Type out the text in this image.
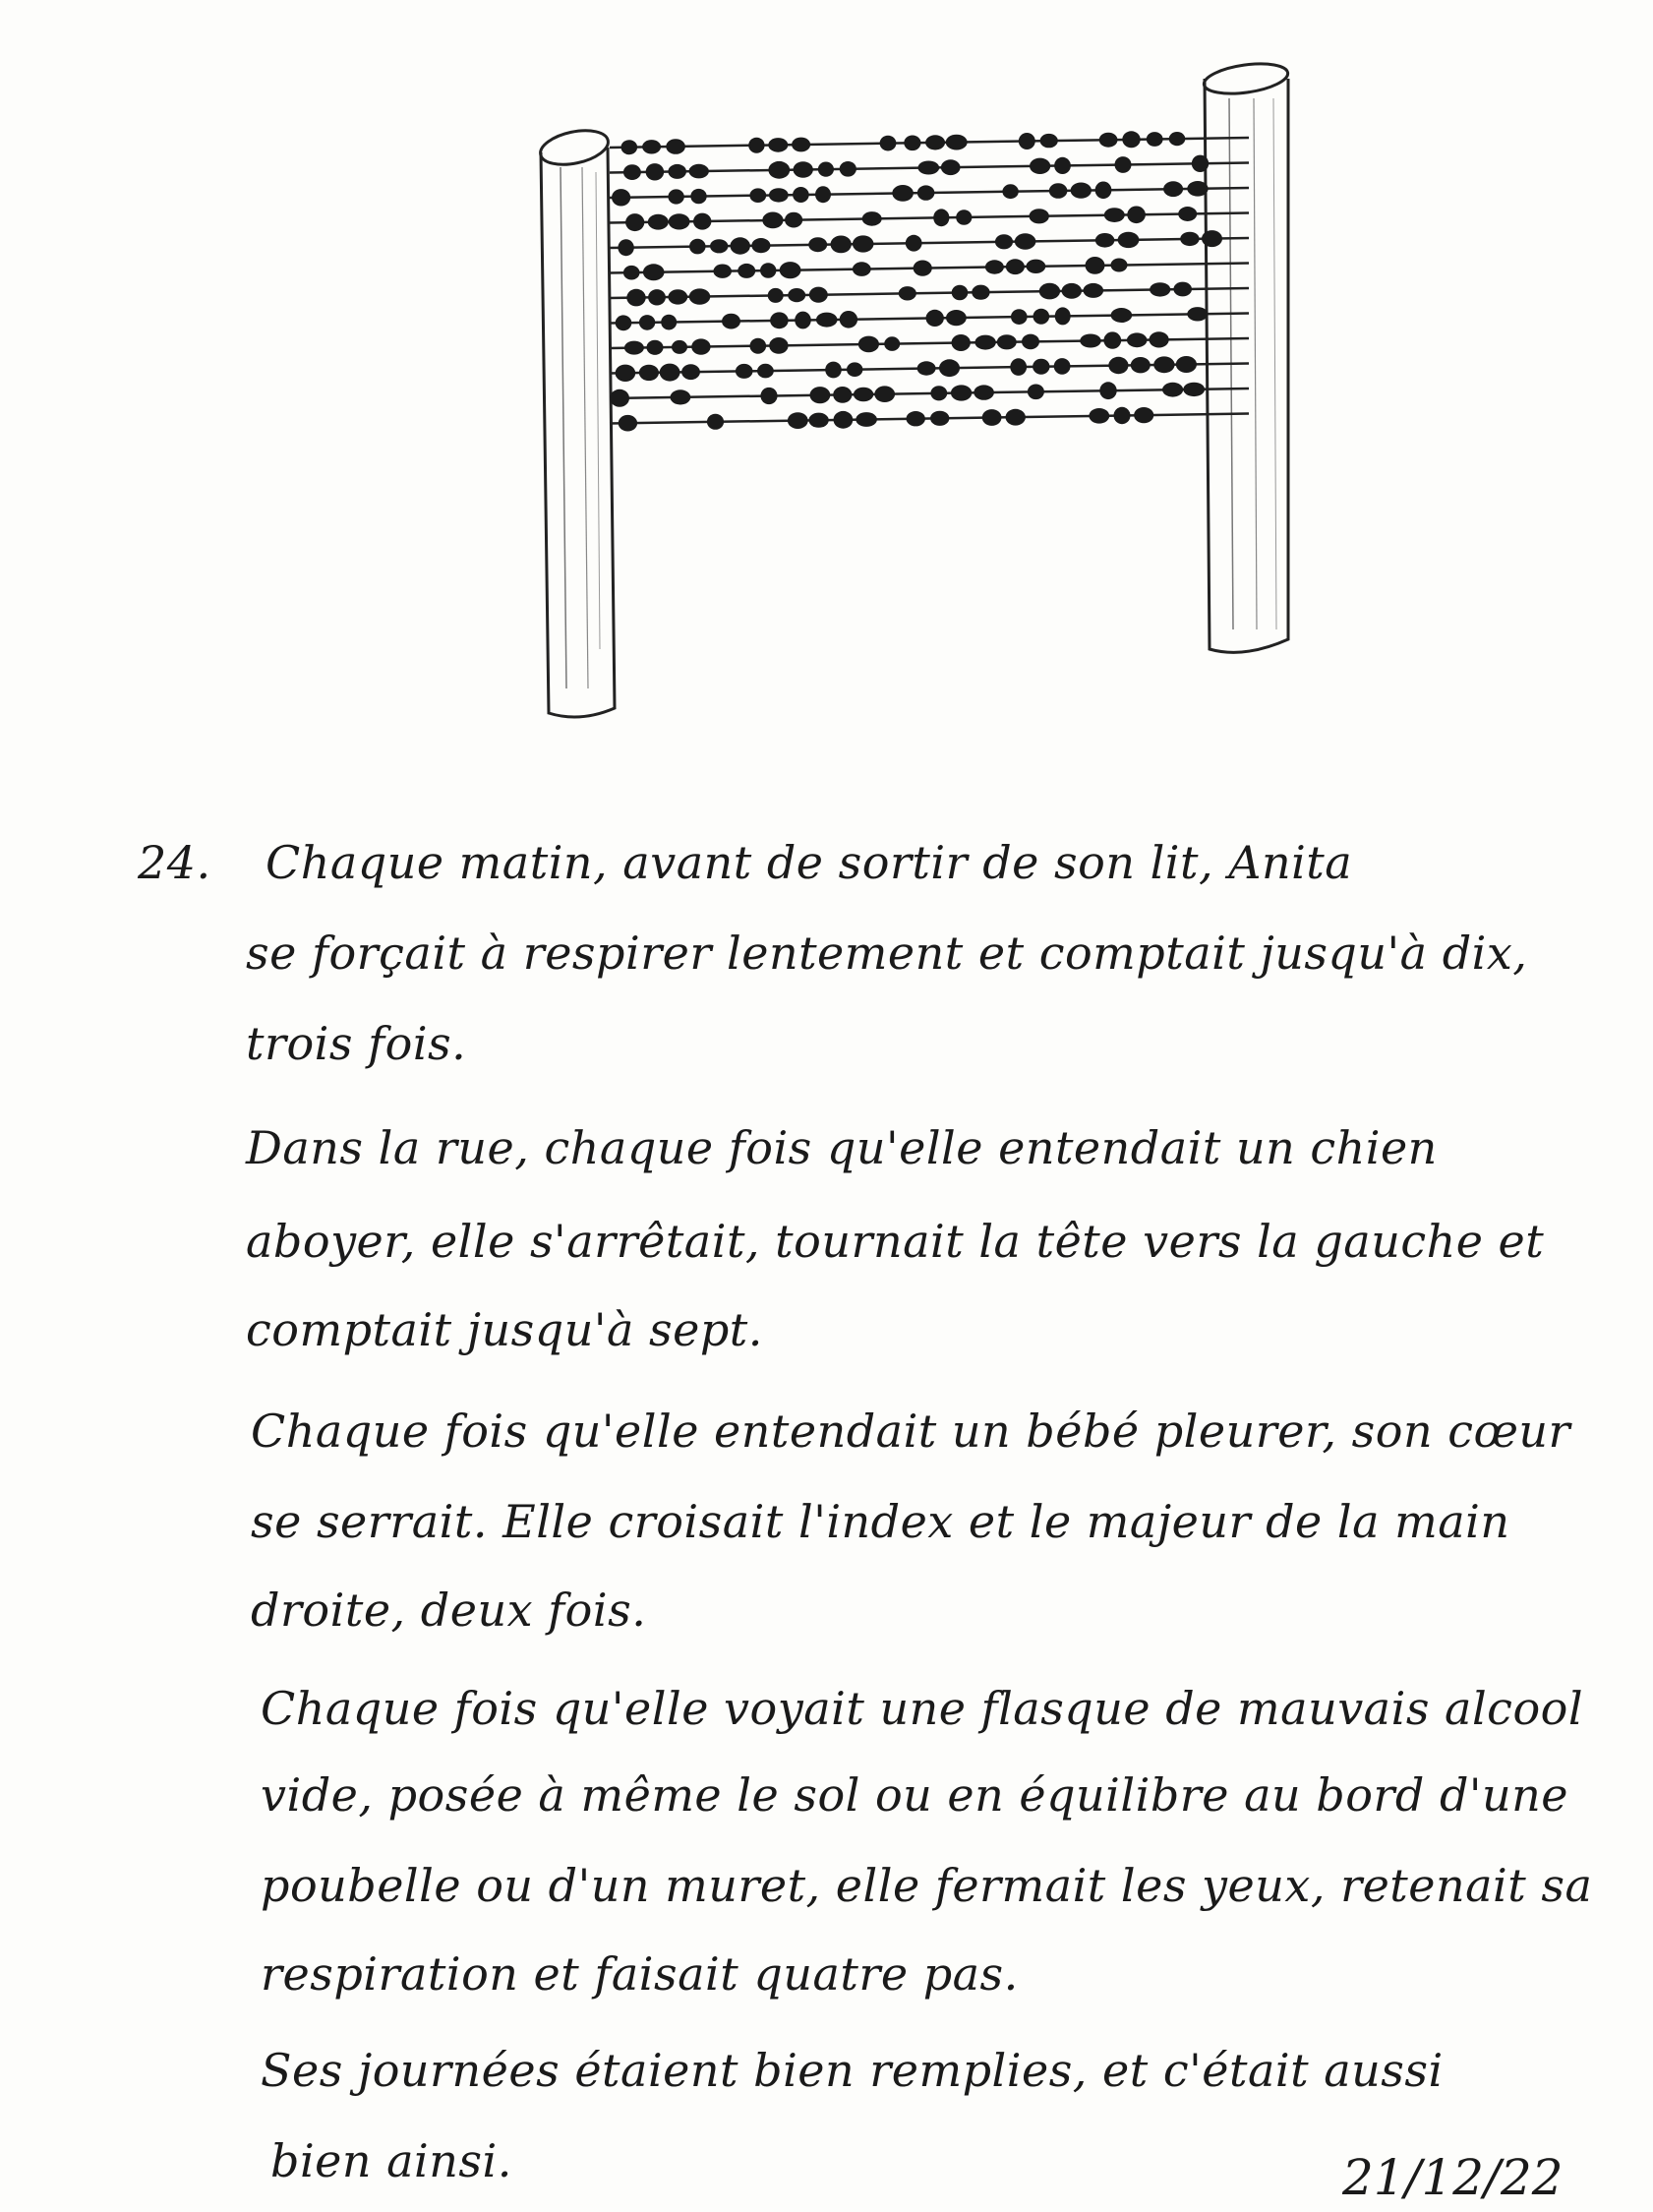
24. Chaque matin, avant de sortir de son lit, Anita
se forçait à respirer lentement et comptait jusqu'à dix,
trois fois.
Dans la rue, chaque fois qu'elle entendait un chien
aboyer, elle s'arrêtait, tournait la tête vers la gauche et
comptait jusqu'à sept.
Chaque fois qu'elle entendait un bébé pleurer, son cœur
se serrait. Elle croisait l'index et le majeur de la main
droite, deux fois.
Chaque fois qu'elle voyait une flasque de mauvais alcool
vide, posée à même le sol ou en équilibre au bord d'une
poubelle ou d'un muret, elle fermait les yeux, retenait sa
respiration et faisait quatre pas.
Ses journées étaient bien remplies, et c'était aussi
bien ainsi.	21/12/22
